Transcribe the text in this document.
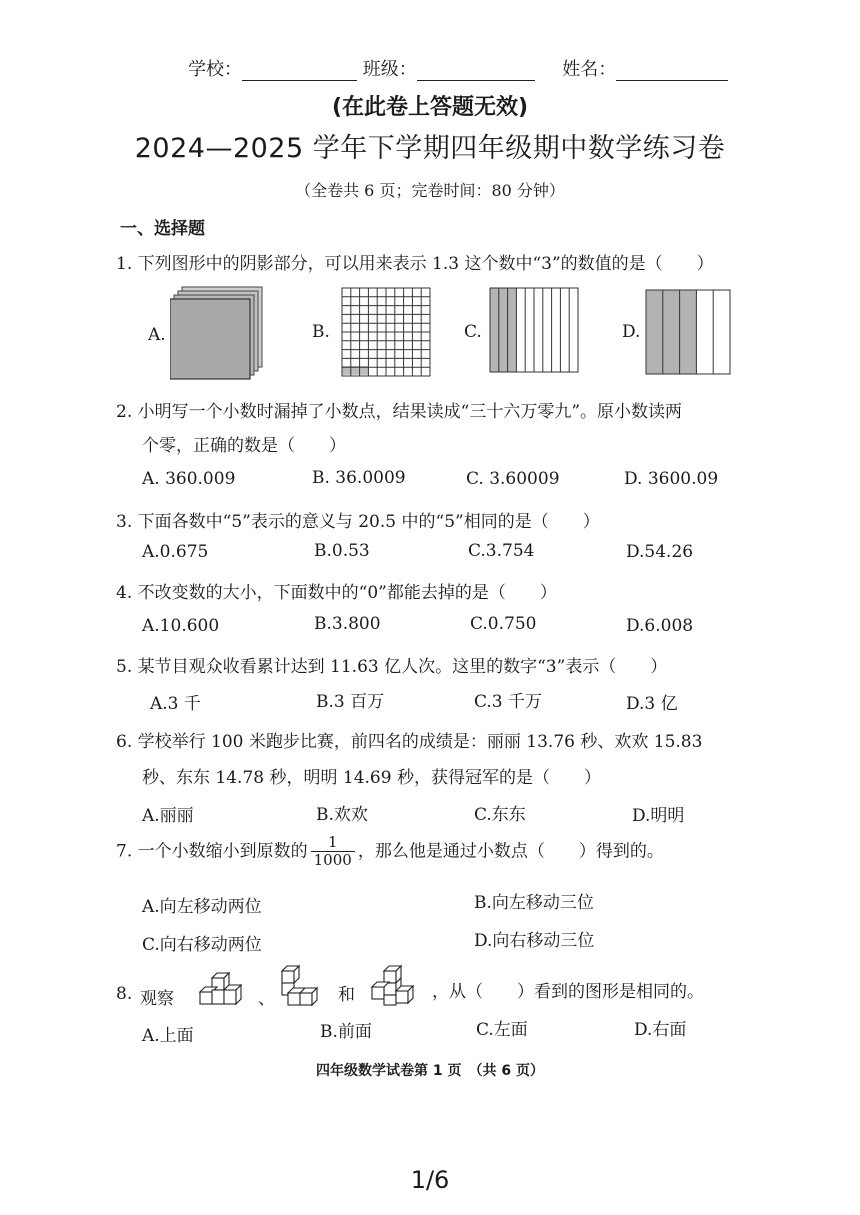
学校：	班级：	姓名：
(在此卷上答题无效)
2024—2025 学年下学期四年级期中数学练习卷
（全卷共 6 页；完卷时间：80 分钟）
一、选择题
1. 下列图形中的阴影部分，可以用来表示 1.3 这个数中“3”的数值的是（　　）
A.	B.	C.	D.
2. 小明写一个小数时漏掉了小数点，结果读成“三十六万零九”。原小数读两
个零，正确的数是（　　）
A. 360.009	B. 36.0009	C. 3.60009	D. 3600.09
3. 下面各数中“5”表示的意义与 20.5 中的“5”相同的是（　　）
A.0.675	B.0.53	C.3.754	D.54.26
4. 不改变数的大小，下面数中的“0”都能去掉的是（　　）
A.10.600	B.3.800	C.0.750	D.6.008
5. 某节目观众收看累计达到 11.63 亿人次。这里的数字“3”表示（　　）
A.3 千	B.3 百万	C.3 千万	D.3 亿
6. 学校举行 100 米跑步比赛，前四名的成绩是：丽丽 13.76 秒、欢欢 15.83
秒、东东 14.78 秒，明明 14.69 秒，获得冠军的是（　　）
A.丽丽	B.欢欢	C.东东	D.明明
7. 一个小数缩小到原数的 $\frac{1}{1000}$ ，那么他是通过小数点（　　）得到的。
A.向左移动两位	B.向左移动三位
C.向右移动两位	D.向右移动三位
8. 观察	、	和	，从（　　）看到的图形是相同的。
A.上面	B.前面	C.左面	D.右面
四年级数学试卷第 1 页　（共 6 页）
1/6
